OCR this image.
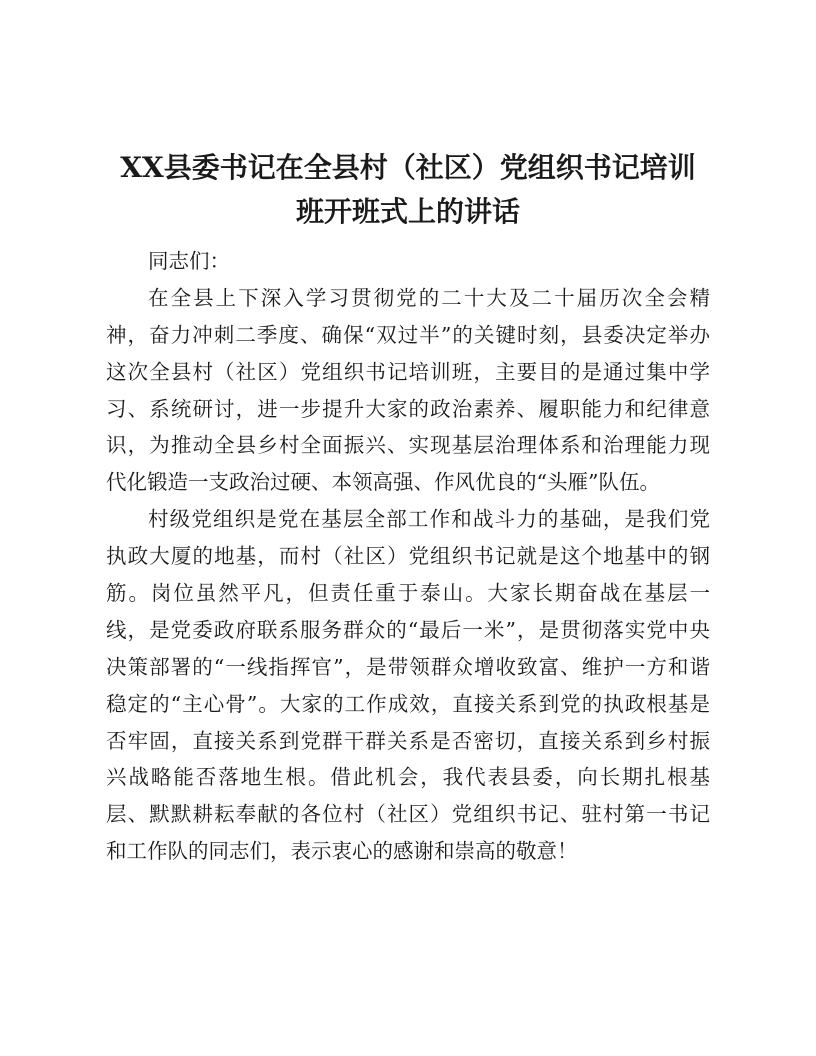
XX县委书记在全县村（社区）党组织书记培训
班开班式上的讲话
同志们：
在全县上下深入学习贯彻党的二十大及二十届历次全会精
神，奋力冲刺二季度、确保“双过半”的关键时刻，县委决定举办
这次全县村（社区）党组织书记培训班，主要目的是通过集中学
习、系统研讨，进一步提升大家的政治素养、履职能力和纪律意
识，为推动全县乡村全面振兴、实现基层治理体系和治理能力现
代化锻造一支政治过硬、本领高强、作风优良的“头雁”队伍。
村级党组织是党在基层全部工作和战斗力的基础，是我们党
执政大厦的地基，而村（社区）党组织书记就是这个地基中的钢
筋。岗位虽然平凡，但责任重于泰山。大家长期奋战在基层一
线，是党委政府联系服务群众的“最后一米”，是贯彻落实党中央
决策部署的“一线指挥官”，是带领群众增收致富、维护一方和谐
稳定的“主心骨”。大家的工作成效，直接关系到党的执政根基是
否牢固，直接关系到党群干群关系是否密切，直接关系到乡村振
兴战略能否落地生根。借此机会，我代表县委，向长期扎根基
层、默默耕耘奉献的各位村（社区）党组织书记、驻村第一书记
和工作队的同志们，表示衷心的感谢和崇高的敬意！
